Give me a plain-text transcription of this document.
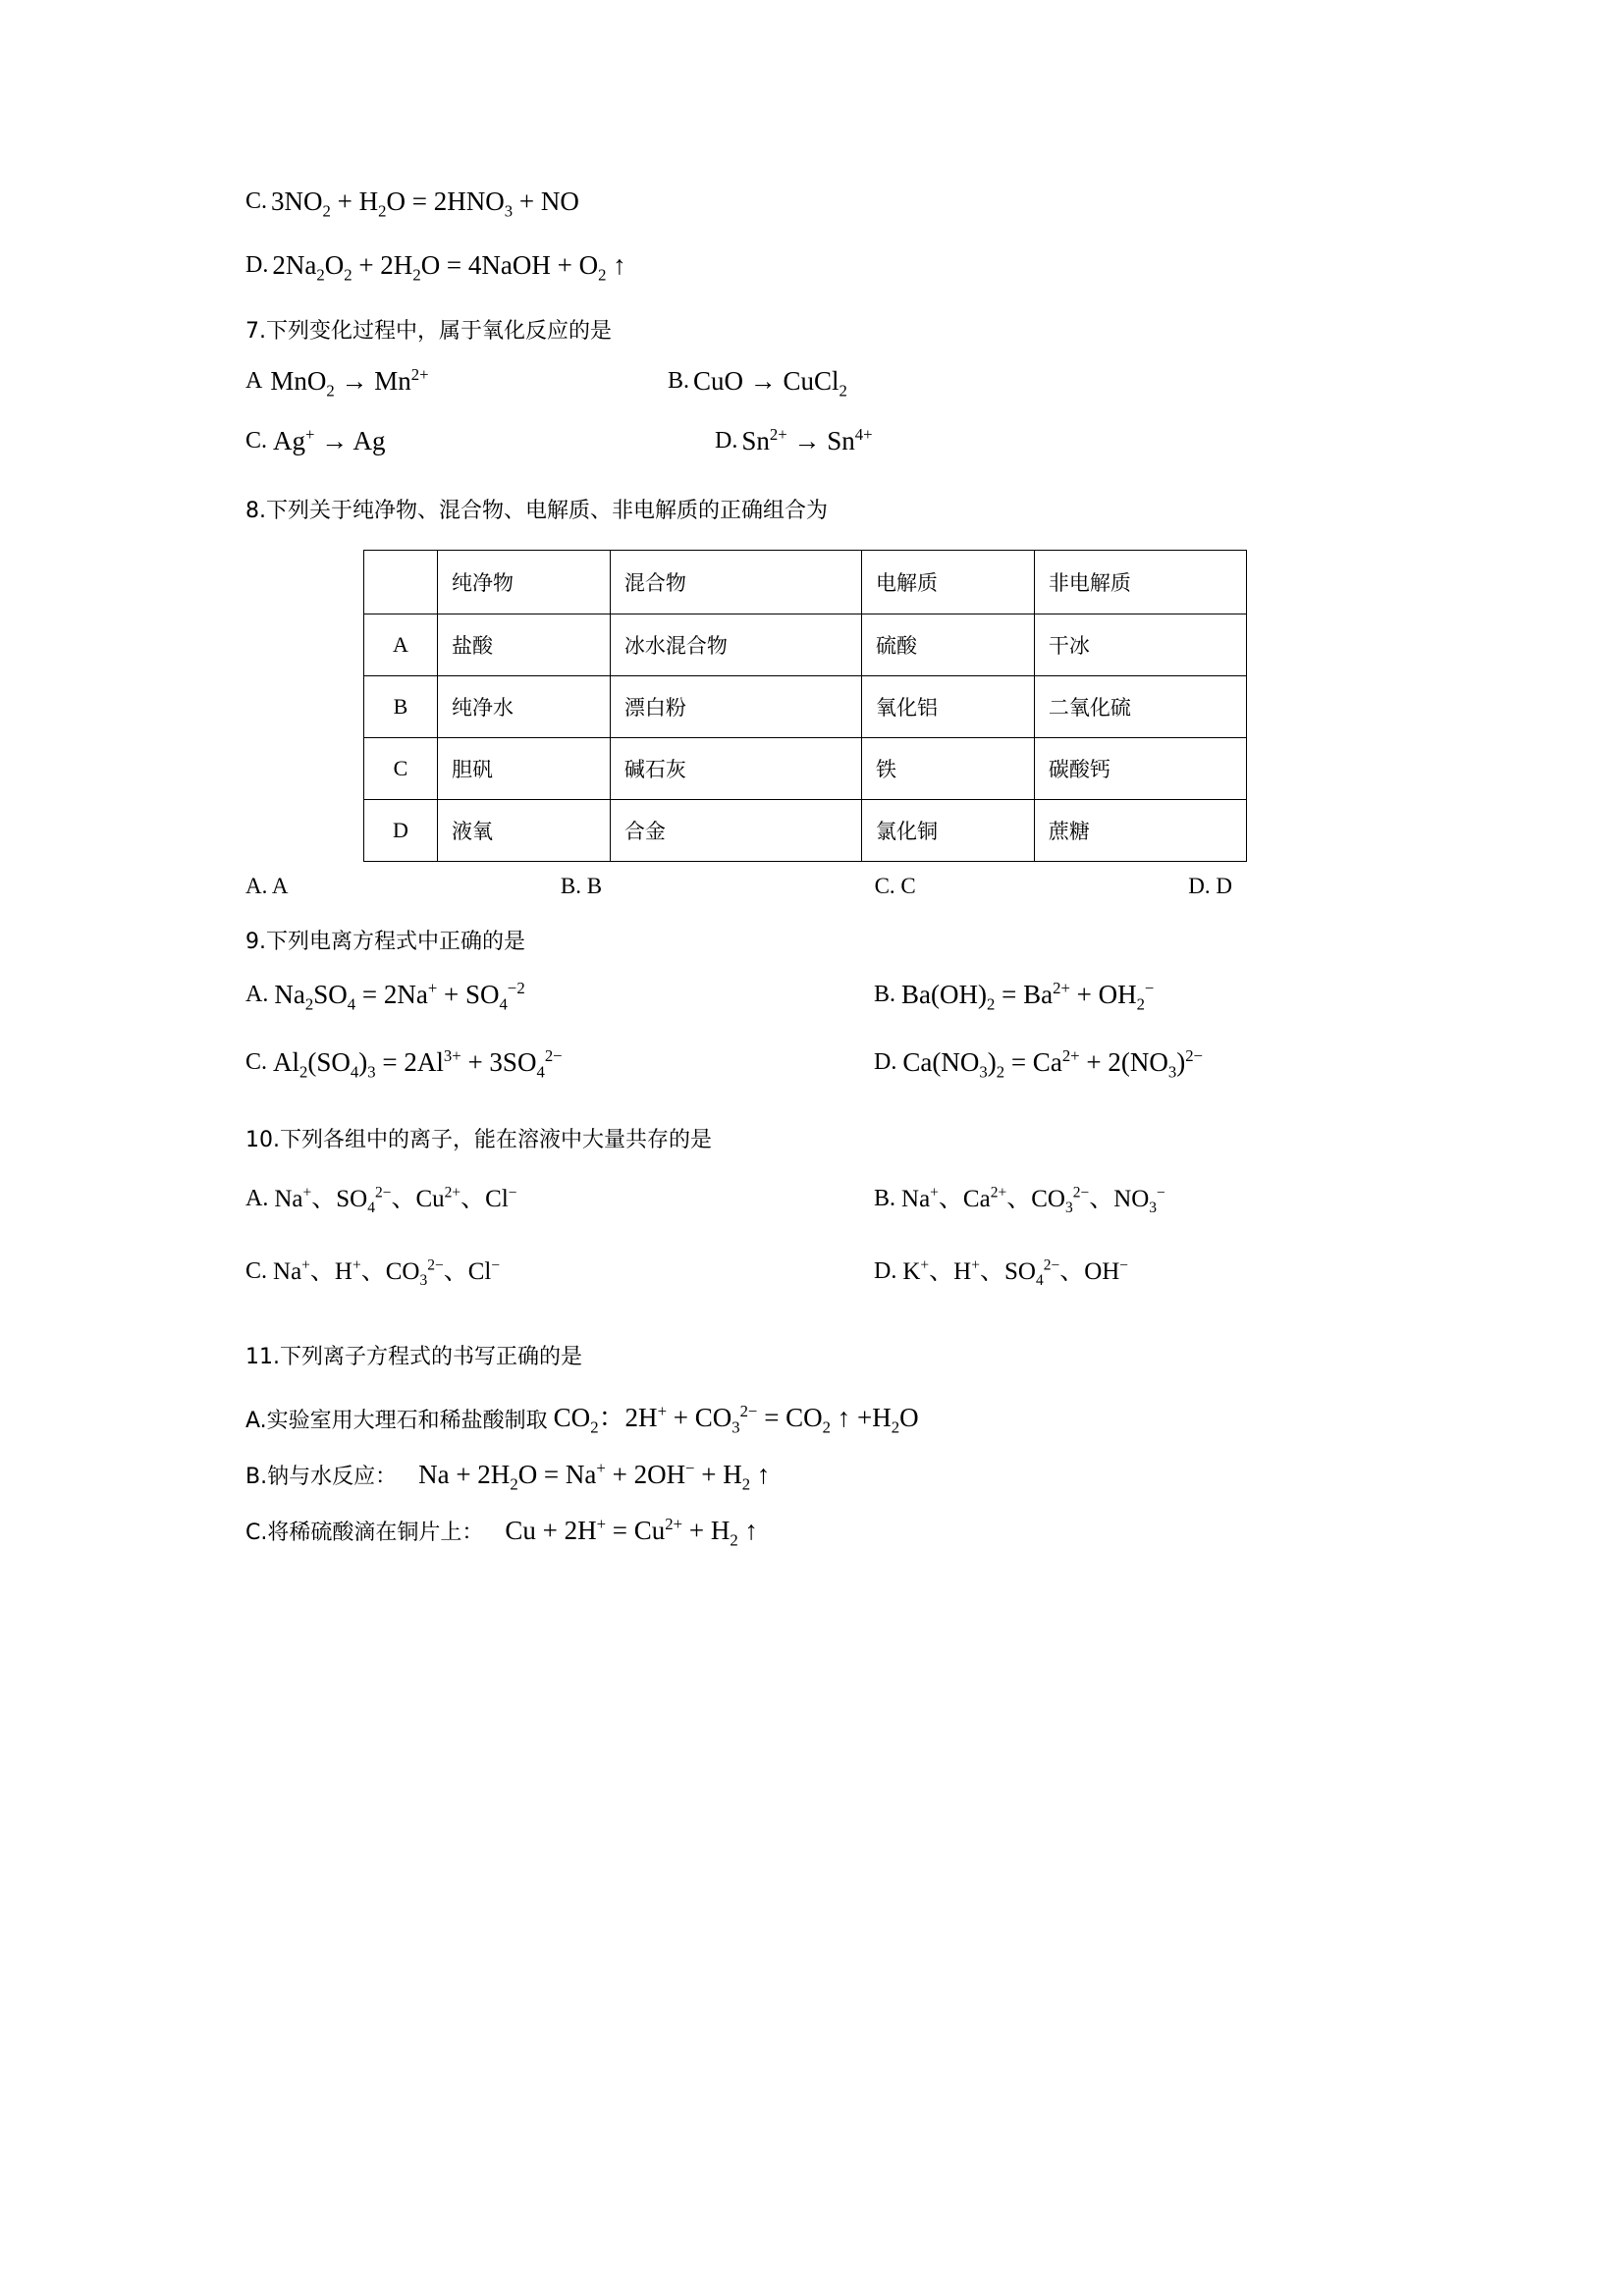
C. $3NO_2 + H_2O = 2HNO_3$ + NO
D. $2Na_2O_2 + 2H_2O$ = 4NaOH + $O_2$ ↑

7.下列变化过程中，属于氧化反应的是

A $MnO_2 \to Mn^{2+}$	B. CuO → CuCl$_2$
C. Ag+ → Ag	D. $Sn^{2+} \to Sn^{4+}$

8.下列关于纯净物、混合物、电解质、非电解质的正确组合为

	纯净物	混合物	电解质	非电解质
A	盐酸	冰水混合物	硫酸	干冰
B	纯净水	漂白粉	氧化铝	二氧化硫
C	胆矾	碱石灰	铁	碳酸钙
D	液氧	合金	氯化铜	蔗糖
A. A	B. B	C. C	D. D

9.下列电离方程式中正确的是

A. $Na_2SO_4 = 2Na^+ + SO_4^{-2}$	B. $Ba(OH)_2 = Ba^{2+} + OH_2^-$
C. $Al_2(SO_4)_3 = 2Al^{3+} + 3SO_4^{2-}$	D. $Ca(NO_3)_2 = Ca^{2+} + 2(NO_3)^{2-}$

10.下列各组中的离子，能在溶液中大量共存的是

A. Na+、$SO_4^{2-}$、$Cu^{2+}$、Cl−	B. Na+、$Ca^{2+}$、$CO_3^{2-}$、$NO_3^-$
C. Na+、H+、$CO_3^{2-}$、Cl−	D. K+、H+、$SO_4^{2-}$、OH−

11.下列离子方程式的书写正确的是

A.实验室用大理石和稀盐酸制取 $CO_2$：$2H^+ + CO_3^{2-} = CO_2$ ↑ $+H_2O$
B.钠与水反应： $Na + 2H_2O = Na^+ + 2OH^- + H_2$ ↑
C.将稀硫酸滴在铜片上： $Cu + 2H^+ = Cu^{2+} + H_2$ ↑
